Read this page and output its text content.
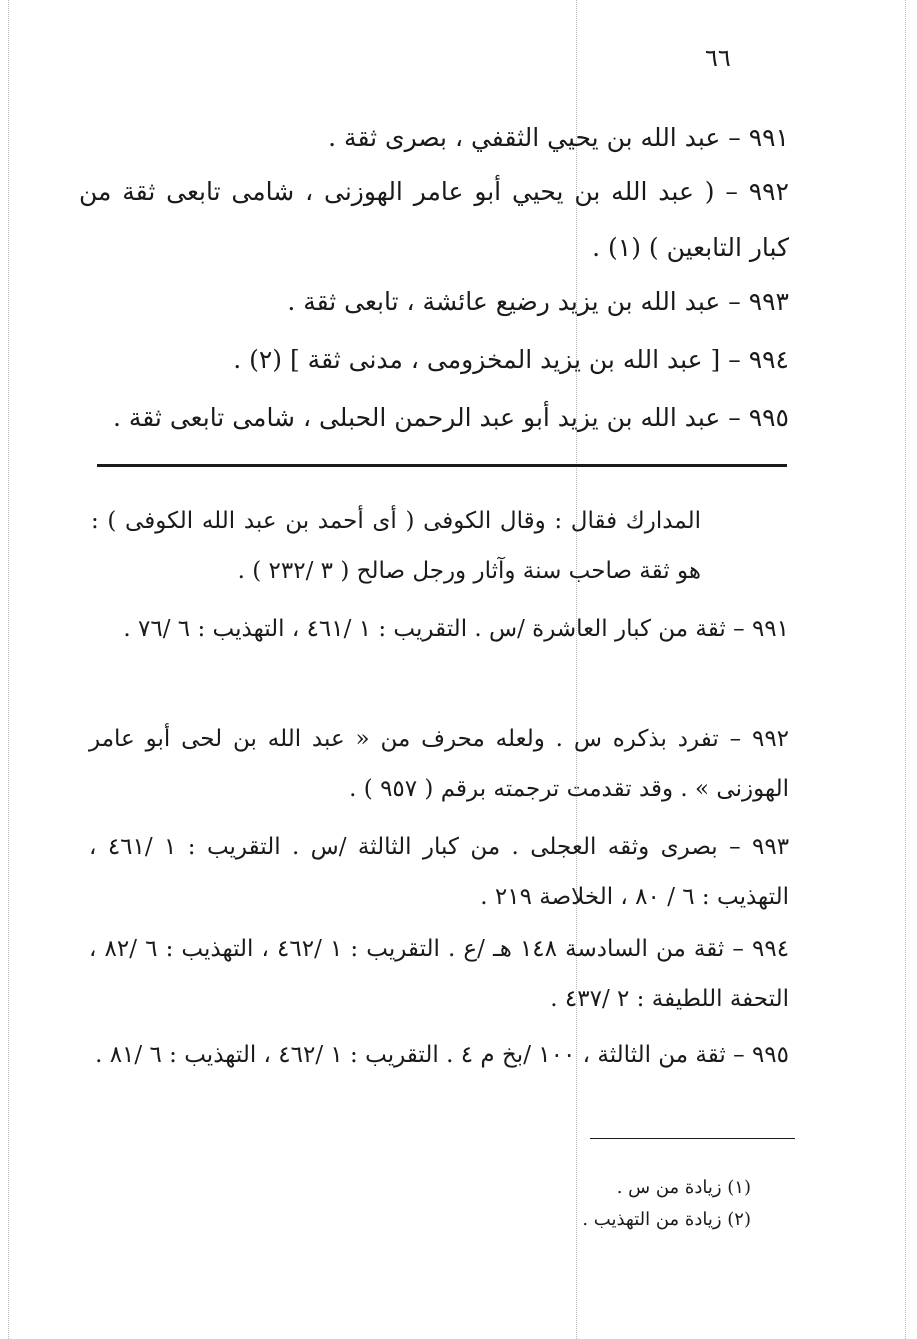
٦٦
٩٩١ – عبد الله بن يحيي الثقفي ، بصرى ثقة .
٩٩٢ – ( عبد الله بن يحيي أبو عامر الهوزنى ، شامى تابعى ثقة من كبار التابعين ) (١) .
٩٩٣ – عبد الله بن يزيد رضيع عائشة ، تابعى ثقة .
٩٩٤ – [ عبد الله بن يزيد المخزومى ، مدنى ثقة ] (٢) .
٩٩٥ – عبد الله بن يزيد أبو عبد الرحمن الحبلى ، شامى تابعى ثقة .
المدارك فقال : وقال الكوفى ( أى أحمد بن عبد الله الكوفى ) : هو ثقة صاحب سنة وآثار ورجل صالح ( ٣ /٢٣٢ ) .
٩٩١ – ثقة من كبار العاشرة /س . التقريب : ١ /٤٦١ ، التهذيب : ٦ /٧٦ .
٩٩٢ – تفرد بذكره س . ولعله محرف من « عبد الله بن لحى أبو عامر الهوزنى » . وقد تقدمت ترجمته برقم ( ٩٥٧ ) .
٩٩٣ – بصرى وثقه العجلى . من كبار الثالثة /س . التقريب : ١ /٤٦١ ، التهذيب : ٦ / ٨٠ ، الخلاصة ٢١٩ .
٩٩٤ – ثقة من السادسة ١٤٨ هـ /ع . التقريب : ١ /٤٦٢ ، التهذيب : ٦ /٨٢ ، التحفة اللطيفة : ٢ /٤٣٧ .
٩٩٥ – ثقة من الثالثة ، ١٠٠ /بخ م ٤ . التقريب : ١ /٤٦٢ ، التهذيب : ٦ /٨١ .
(١) زيادة من س .
(٢) زيادة من التهذيب .
